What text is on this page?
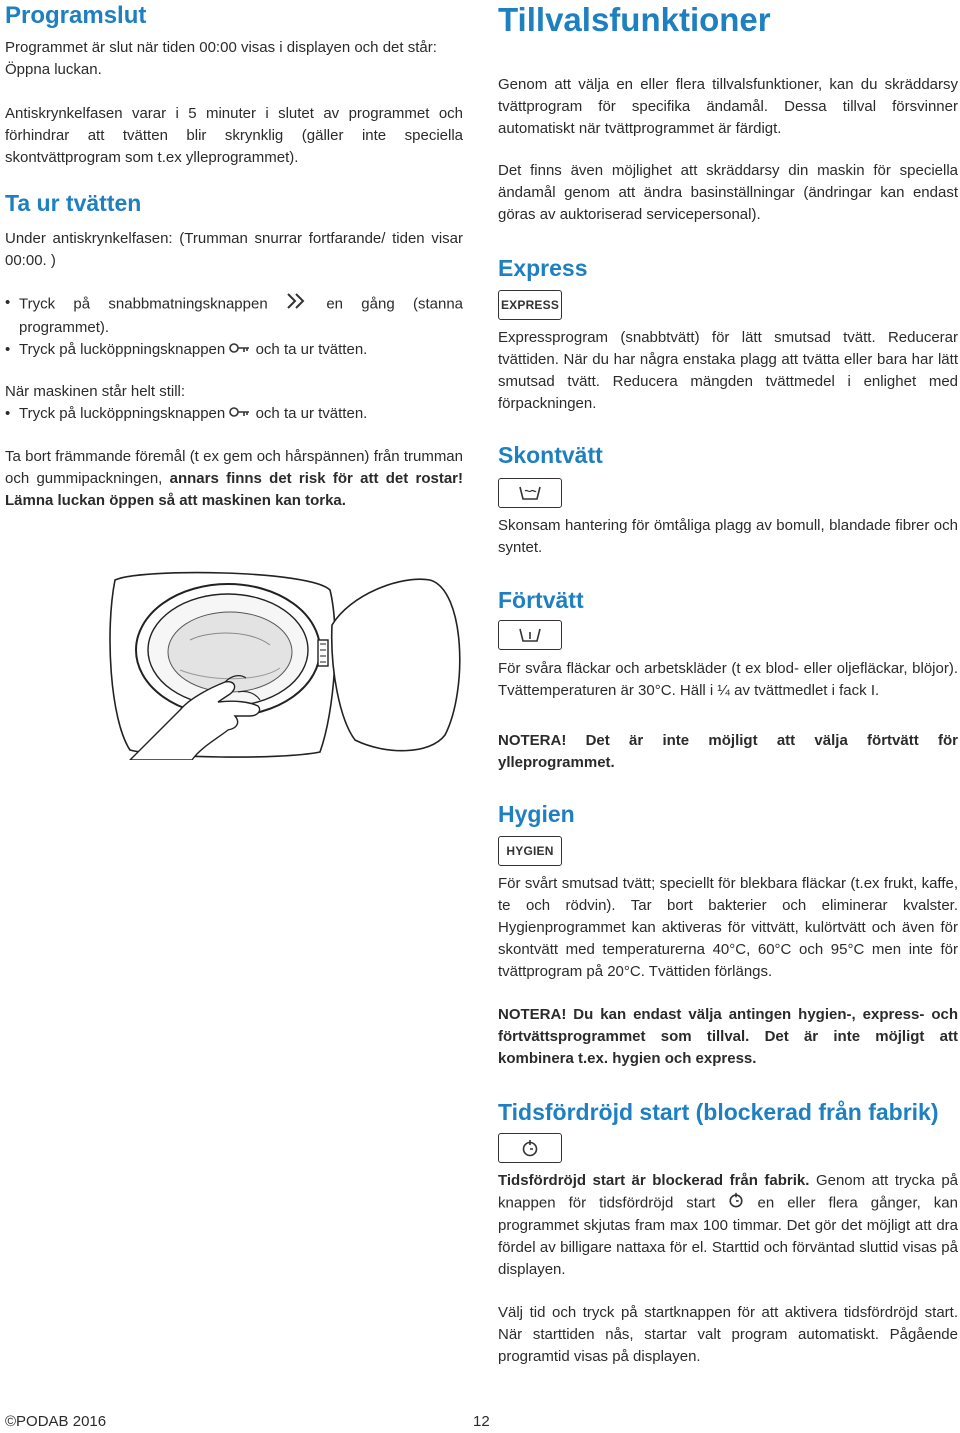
Programslut

Programmet är slut när tiden 00:00 visas i displayen och det står: Öppna luckan.

Antiskrynkelfasen varar i 5 minuter i slutet av programmet och förhindrar att tvätten blir skrynklig (gäller inte speciella skontvättprogram som t.ex ylleprogrammet).

Ta ur tvätten

Under antiskrynkelfasen: (Trumman snurrar fortfarande/ tiden visar 00:00. )

• Tryck på snabbmatningsknappen	en gång (stanna programmet).
• Tryck på lucköppningsknappen och ta ur tvätten.

När maskinen står helt still:

• Tryck på lucköppningsknappen och ta ur tvätten.

Ta bort främmande föremål (t ex gem och hårspännen) från trumman och gummipackningen, annars finns det risk för att det rostar! Lämna luckan öppen så att maskinen kan torka.

Tillvalsfunktioner

Genom att välja en eller flera tillvalsfunktioner, kan du skräddarsy tvättprogram för specifika ändamål. Dessa tillval försvinner automatiskt när tvättprogrammet är färdigt.

Det finns även möjlighet att skräddarsy din maskin för speciella ändamål genom att ändra basinställningar (ändringar kan endast göras av auktoriserad servicepersonal).

Express
EXPRESS

Expressprogram (snabbtvätt) för lätt smutsad tvätt. Reducerar tvättiden. När du har några enstaka plagg att tvätta eller bara har lätt smutsad tvätt. Reducera mängden tvättmedel i enlighet med förpackningen.

Skontvätt

Skonsam hantering för ömtåliga plagg av bomull, blandade fibrer och syntet.

Förtvätt

För svåra fläckar och arbetskläder (t ex blod- eller oljefläckar, blöjor). Tvättemperaturen är 30°C. Häll i ¼ av tvättmedlet i fack I.

NOTERA! Det är inte möjligt att välja förtvätt för ylleprogrammet.

Hygien
HYGIEN

För svårt smutsad tvätt; speciellt för blekbara fläckar (t.ex frukt, kaffe, te och rödvin). Tar bort bakterier och eliminerar kvalster. Hygienprogrammet kan aktiveras för vittvätt, kulörtvätt och även för skontvätt med temperaturerna 40°C, 60°C och 95°C men inte för tvättprogram på 20°C. Tvättiden förlängs.

NOTERA! Du kan endast välja antingen hygien-, express- och förtvättsprogrammet som tillval. Det är inte möjligt att kombinera t.ex. hygien och express.

Tidsfördröjd start (blockerad från fabrik)

Tidsfördröjd start är blockerad från fabrik. Genom att trycka på knappen för tidsfördröjd start	en eller flera gånger, kan programmet skjutas fram max 100 timmar. Det gör det möjligt att dra fördel av billigare nattaxa för el. Starttid och förväntad sluttid visas på displayen.

Välj tid och tryck på startknappen för att aktivera tidsfördröjd start. När starttiden nås, startar valt program automatiskt. Pågående programtid visas på displayen.

©PODAB 2016	12
